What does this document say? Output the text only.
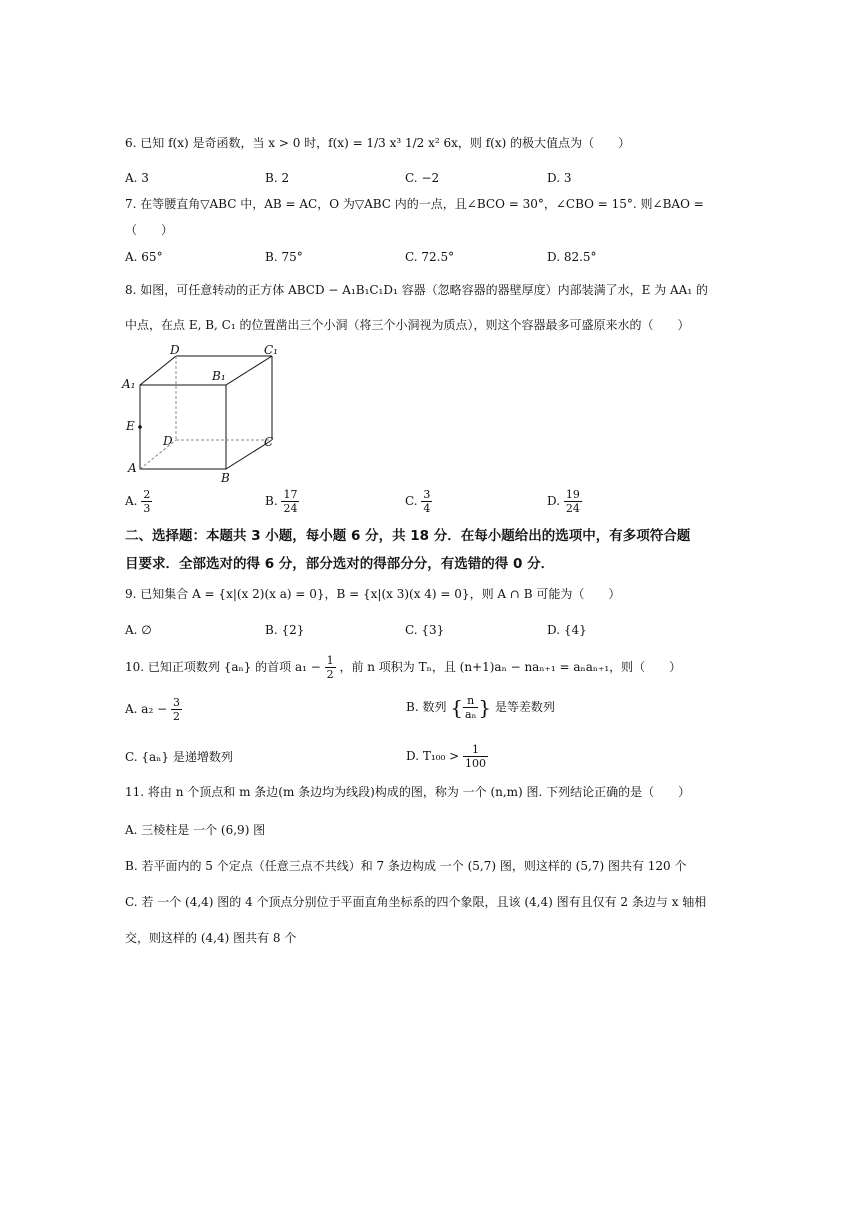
6. 已知 f(x) 是奇函数，当 x > 0 时，f(x) = 1/3 x³ 1/2 x² 6x，则 f(x) 的极大值点为（　　）
A. 3	B. 2	C. −2	D. 3
7. 在等腰直角▽ABC 中，AB = AC，O 为▽ABC 内的一点，且∠BCO = 30°，∠CBO = 15°. 则∠BAO =
（　　）
A. 65°	B. 75°	C. 72.5°	D. 82.5°
8. 如图，可任意转动的正方体 ABCD − A₁B₁C₁D₁ 容器（忽略容器的器壁厚度）内部装满了水，E 为 AA₁ 的
中点，在点 E, B, C₁ 的位置凿出三个小洞（将三个小洞视为质点），则这个容器最多可盛原来水的（　　）
D	C₁
A₁
B₁
E
D	C
A
B
A. $\frac{2}{3}$	B. $\frac{17}{24}$	C. $\frac{3}{4}$	D. $\frac{19}{24}$
二、选择题：本题共 3 小题，每小题 6 分，共 18 分．在每小题给出的选项中，有多项符合题
目要求．全部选对的得 6 分，部分选对的得部分分，有选错的得 0 分．
9. 已知集合 A = {x|(x 2)(x a) = 0}，B = {x|(x 3)(x 4) = 0}，则 A ∩ B 可能为（　　）
A. ∅	B. {2}	C. {3}	D. {4}
10. 已知正项数列 {aₙ} 的首项 $a_1 - \frac{1}{2}$ ，前 n 项积为 Tₙ，且 (n+1)aₙ − naₙ₊₁ = aₙaₙ₊₁，则（　　）
A. $a_2 - \frac{3}{2}$	B. 数列 { $\frac{n}{\text{aₙ}}$ } 是等差数列
C. {aₙ} 是递增数列	D. $T_{100} > \frac{1}{100}$
11. 将由 n 个顶点和 m 条边(m 条边均为线段)构成的图，称为 一个 (n,m) 图. 下列结论正确的是（　　）
A. 三棱柱是 一个 (6,9) 图
B. 若平面内的 5 个定点（任意三点不共线）和 7 条边构成 一个 (5,7) 图，则这样的 (5,7) 图共有 120 个
C. 若 一个 (4,4) 图的 4 个顶点分别位于平面直角坐标系的四个象限，且该 (4,4) 图有且仅有 2 条边与 x 轴相
交，则这样的 (4,4) 图共有 8 个
